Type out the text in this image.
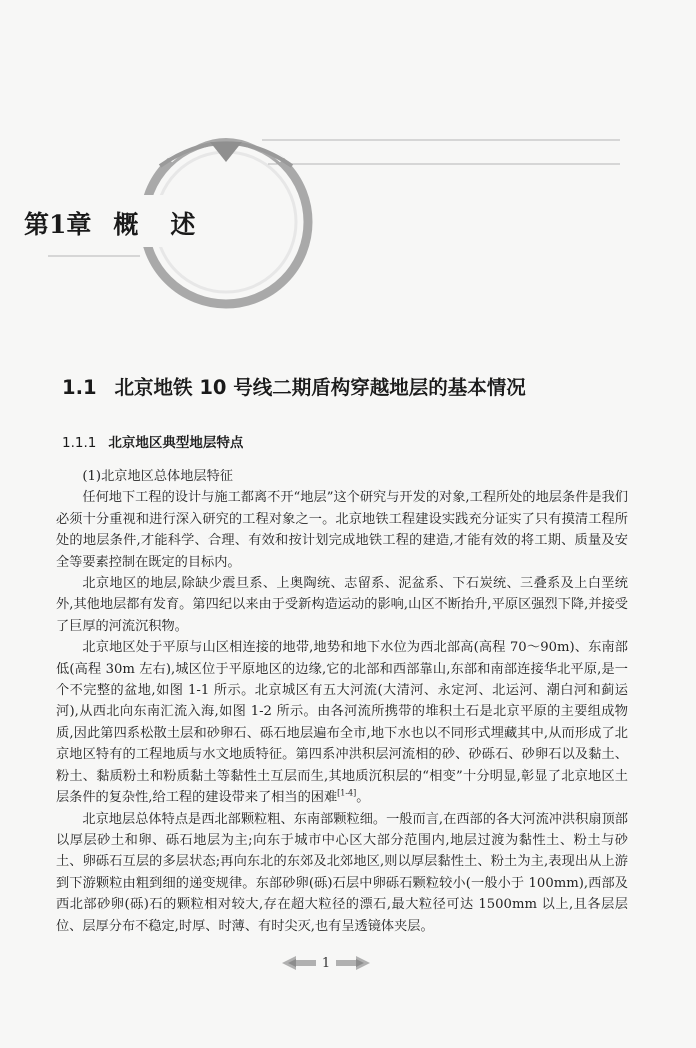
第1章 概述
1.1 北京地铁 10 号线二期盾构穿越地层的基本情况
1.1.1 北京地区典型地层特点

(1)北京地区总体地层特征

任何地下工程的设计与施工都离不开“地层”这个研究与开发的对象,工程所处的地层条件是我们必须十分重视和进行深入研究的工程对象之一。北京地铁工程建设实践充分证实了只有摸清工程所处的地层条件,才能科学、合理、有效和按计划完成地铁工程的建造,才能有效的将工期、质量及安全等要素控制在既定的目标内。

北京地区的地层,除缺少震旦系、上奥陶统、志留系、泥盆系、下石炭统、三叠系及上白垩统外,其他地层都有发育。第四纪以来由于受新构造运动的影响,山区不断抬升,平原区强烈下降,并接受了巨厚的河流沉积物。

北京地区处于平原与山区相连接的地带,地势和地下水位为西北部高(高程 70～90m)、东南部低(高程 30m 左右),城区位于平原地区的边缘,它的北部和西部靠山,东部和南部连接华北平原,是一个不完整的盆地,如图 1-1 所示。北京城区有五大河流(大清河、永定河、北运河、潮白河和蓟运河),从西北向东南汇流入海,如图 1-2 所示。由各河流所携带的堆积土石是北京平原的主要组成物质,因此第四系松散土层和砂卵石、砾石地层遍布全市,地下水也以不同形式埋藏其中,从而形成了北京地区特有的工程地质与水文地质特征。第四系冲洪积层河流相的砂、砂砾石、砂卵石以及黏土、粉土、黏质粉土和粉质黏土等黏性土互层而生,其地质沉积层的“相变”十分明显,彰显了北京地区土层条件的复杂性,给工程的建设带来了相当的困难[1-4]。

北京地层总体特点是西北部颗粒粗、东南部颗粒细。一般而言,在西部的各大河流冲洪积扇顶部以厚层砂土和卵、砾石地层为主;向东于城市中心区大部分范围内,地层过渡为黏性土、粉土与砂土、卵砾石互层的多层状态;再向东北的东郊及北郊地区,则以厚层黏性土、粉土为主,表现出从上游到下游颗粒由粗到细的递变规律。东部砂卵(砾)石层中卵砾石颗粒较小(一般小于 100mm),西部及西北部砂卵(砾)石的颗粒相对较大,存在超大粒径的漂石,最大粒径可达 1500mm 以上,且各层层位、层厚分布不稳定,时厚、时薄、有时尖灭,也有呈透镜体夹层。

1
